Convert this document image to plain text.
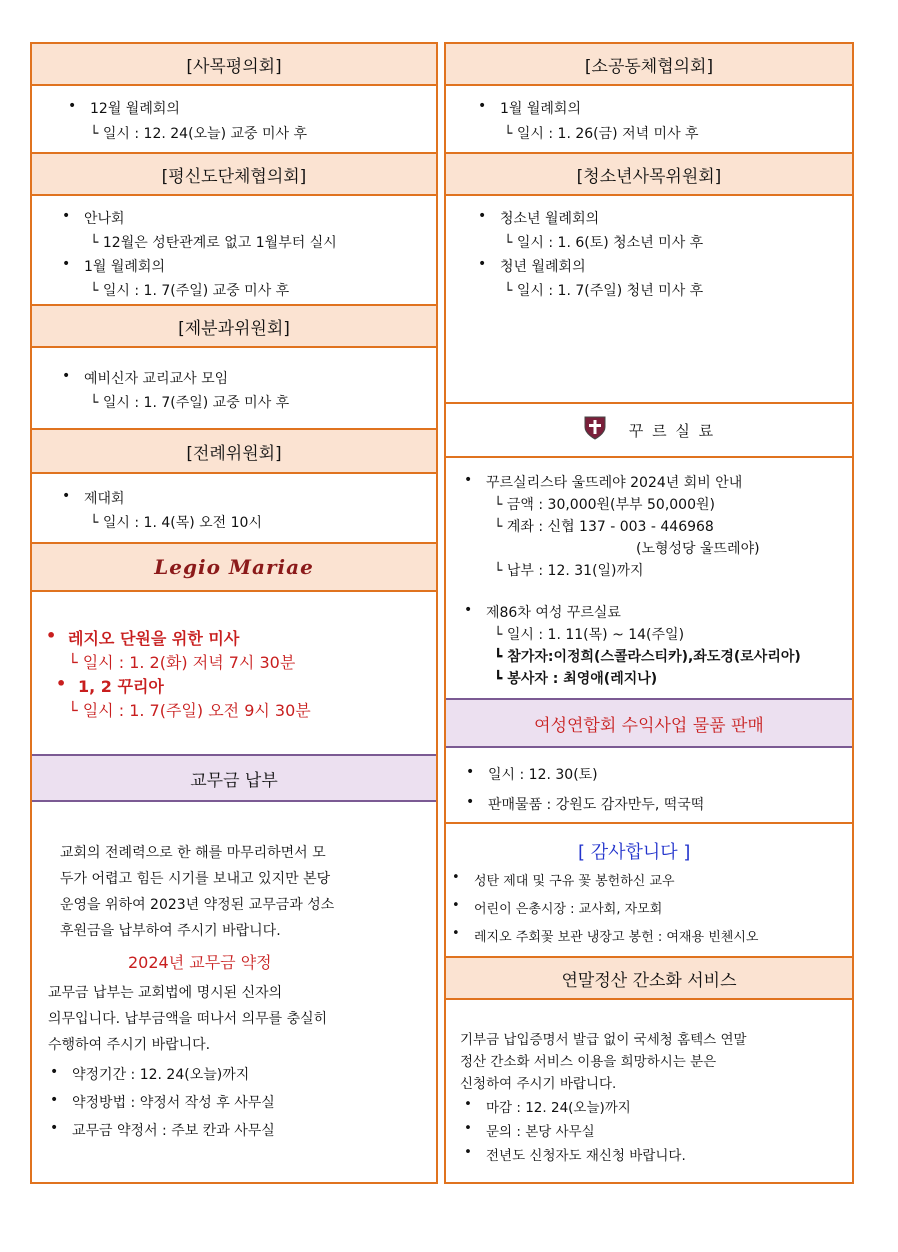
[사목평의회]
• 12월 월례회의
└ 일시 : 12. 24(오늘) 교중 미사 후
[평신도단체협의회]
• 안나회
└ 12월은 성탄관계로 없고 1월부터 실시
• 1월 월례회의
└ 일시 : 1. 7(주일) 교중 미사 후
[제분과위원회]
• 예비신자 교리교사 모임
└ 일시 : 1. 7(주일) 교중 미사 후
[전례위원회]
• 제대회
└ 일시 : 1. 4(목) 오전 10시
Legio Mariae
• 레지오 단원을 위한 미사
└ 일시 : 1. 2(화) 저녁 7시 30분
• 1, 2 꾸리아
└ 일시 : 1. 7(주일) 오전 9시 30분
교무금 납부
교회의 전례력으로 한 해를 마무리하면서 모
두가 어렵고 힘든 시기를 보내고 있지만 본당
운영을 위하여 2023년 약정된 교무금과 성소
후원금을 납부하여 주시기 바랍니다.
2024년 교무금 약정
교무금 납부는 교회법에 명시된 신자의
의무입니다. 납부금액을 떠나서 의무를 충실히
수행하여 주시기 바랍니다.
• 약정기간 : 12. 24(오늘)까지
• 약정방법 : 약정서 작성 후 사무실
• 교무금 약정서 : 주보 칸과 사무실
[소공동체협의회]
• 1월 월례회의
└ 일시 : 1. 26(금) 저녁 미사 후
[청소년사목위원회]
• 청소년 월례회의
└ 일시 : 1. 6(토) 청소년 미사 후
• 청년 월례회의
└ 일시 : 1. 7(주일) 청년 미사 후
꾸 르 실 료
• 꾸르실리스타 울뜨레야 2024년 회비 안내
└ 금액 : 30,000원(부부 50,000원)
└ 계좌 : 신협 137 - 003 - 446968
(노형성당 울뜨레야)
└ 납부 : 12. 31(일)까지
• 제86차 여성 꾸르실료
└ 일시 : 1. 11(목) ~ 14(주일)
┗ 참가자:이정희(스콜라스티카),좌도경(로사리아)
┗ 봉사자 : 최영애(레지나)
여성연합회 수익사업 물품 판매
• 일시 : 12. 30(토)
• 판매물품 : 강원도 감자만두, 떡국떡
[ 감사합니다 ]
• 성탄 제대 및 구유 꽃 봉헌하신 교우
• 어린이 은총시장 : 교사회, 자모회
• 레지오 주회꽃 보관 냉장고 봉헌 : 여재용 빈첸시오
연말정산 간소화 서비스
기부금 납입증명서 발급 없이 국세청 홈텍스 연말
정산 간소화 서비스 이용을 희망하시는 분은
신청하여 주시기 바랍니다.
• 마감 : 12. 24(오늘)까지
• 문의 : 본당 사무실
• 전년도 신청자도 재신청 바랍니다.
